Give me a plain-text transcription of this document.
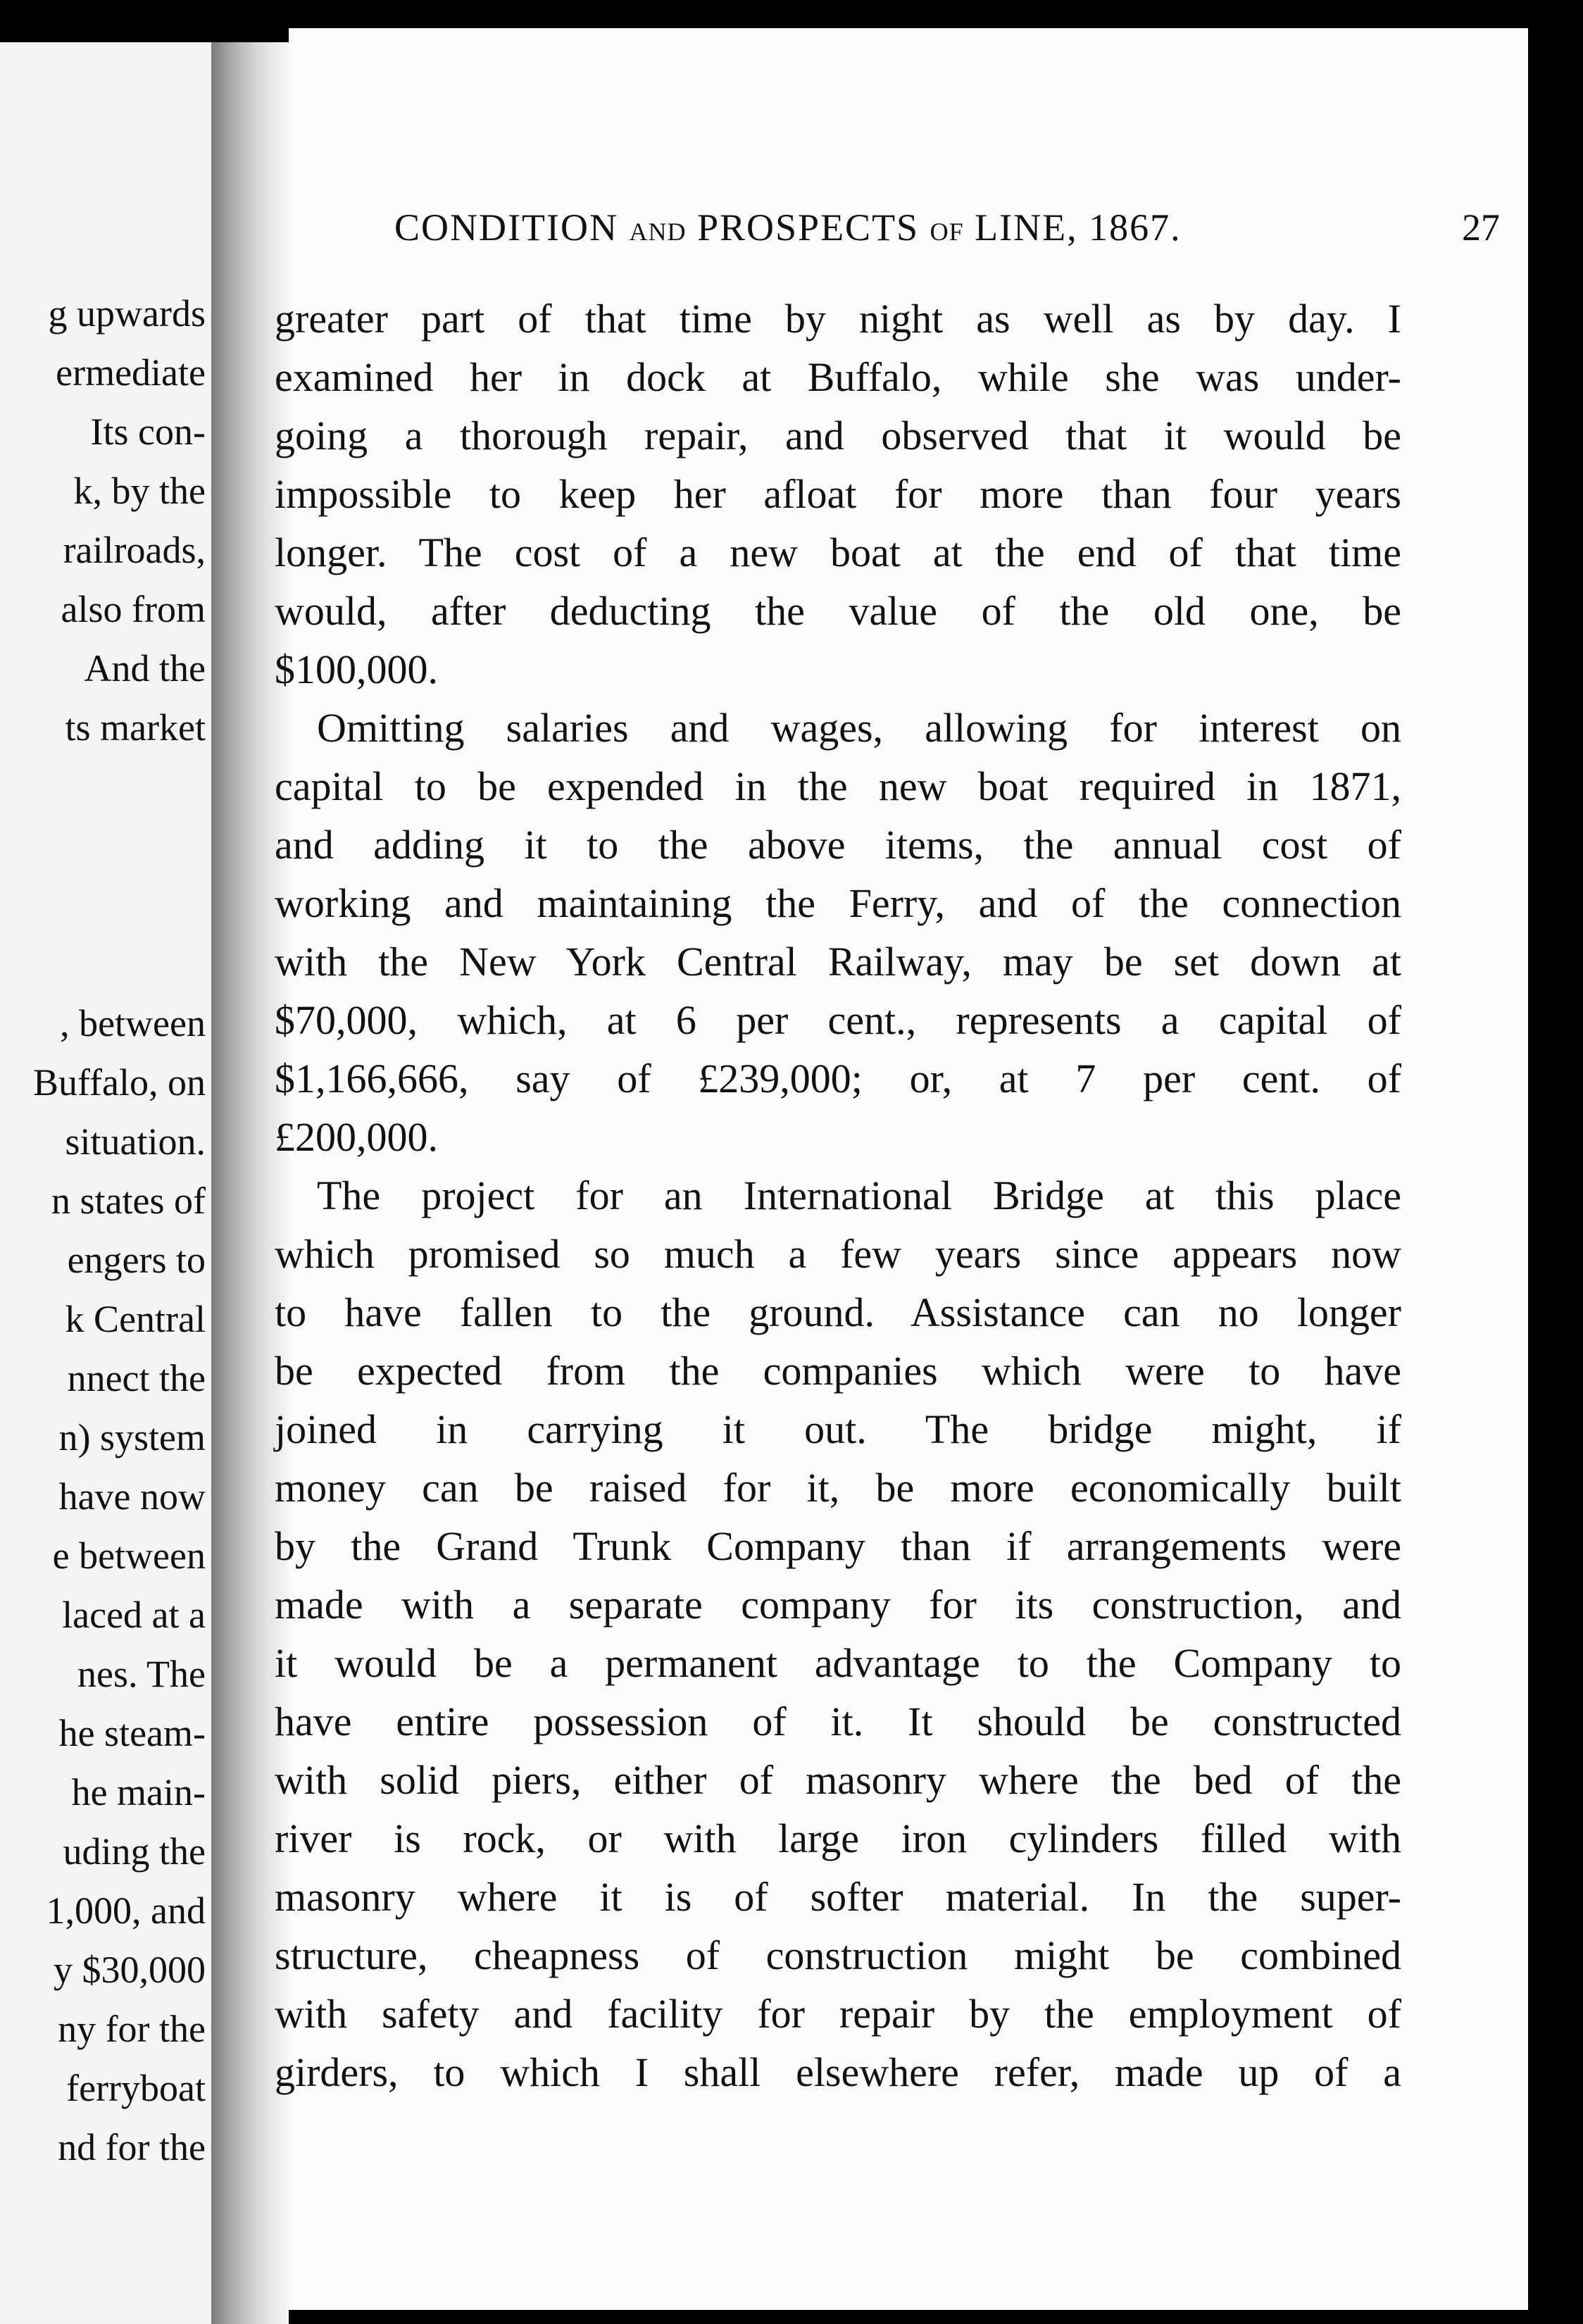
g upwards
ermediate
Its con-
k, by the
railroads,
also from
And the
ts market
, between
Buffalo, on
situation.
n states of
engers to
k Central
nnect the
n) system
have now
e between
laced at a
nes. The
he steam-
he main-
uding the
1,000, and
y $30,000
ny for the
ferryboat
nd for the
CONDITION AND PROSPECTS OF LINE, 1867.	27
greater part of that time by night as well as by day. I
examined her in dock at Buffalo, while she was under-
going a thorough repair, and observed that it would be
impossible to keep her afloat for more than four years
longer. The cost of a new boat at the end of that time
would, after deducting the value of the old one, be
$100,000.
Omitting salaries and wages, allowing for interest on
capital to be expended in the new boat required in 1871,
and adding it to the above items, the annual cost of
working and maintaining the Ferry, and of the connection
with the New York Central Railway, may be set down at
$70,000, which, at 6 per cent., represents a capital of
$1,166,666, say of £239,000; or, at 7 per cent. of
£200,000.
The project for an International Bridge at this place
which promised so much a few years since appears now
to have fallen to the ground. Assistance can no longer
be expected from the companies which were to have
joined in carrying it out. The bridge might, if
money can be raised for it, be more economically built
by the Grand Trunk Company than if arrangements were
made with a separate company for its construction, and
it would be a permanent advantage to the Company to
have entire possession of it. It should be constructed
with solid piers, either of masonry where the bed of the
river is rock, or with large iron cylinders filled with
masonry where it is of softer material. In the super-
structure, cheapness of construction might be combined
with safety and facility for repair by the employment of
girders, to which I shall elsewhere refer, made up of a
